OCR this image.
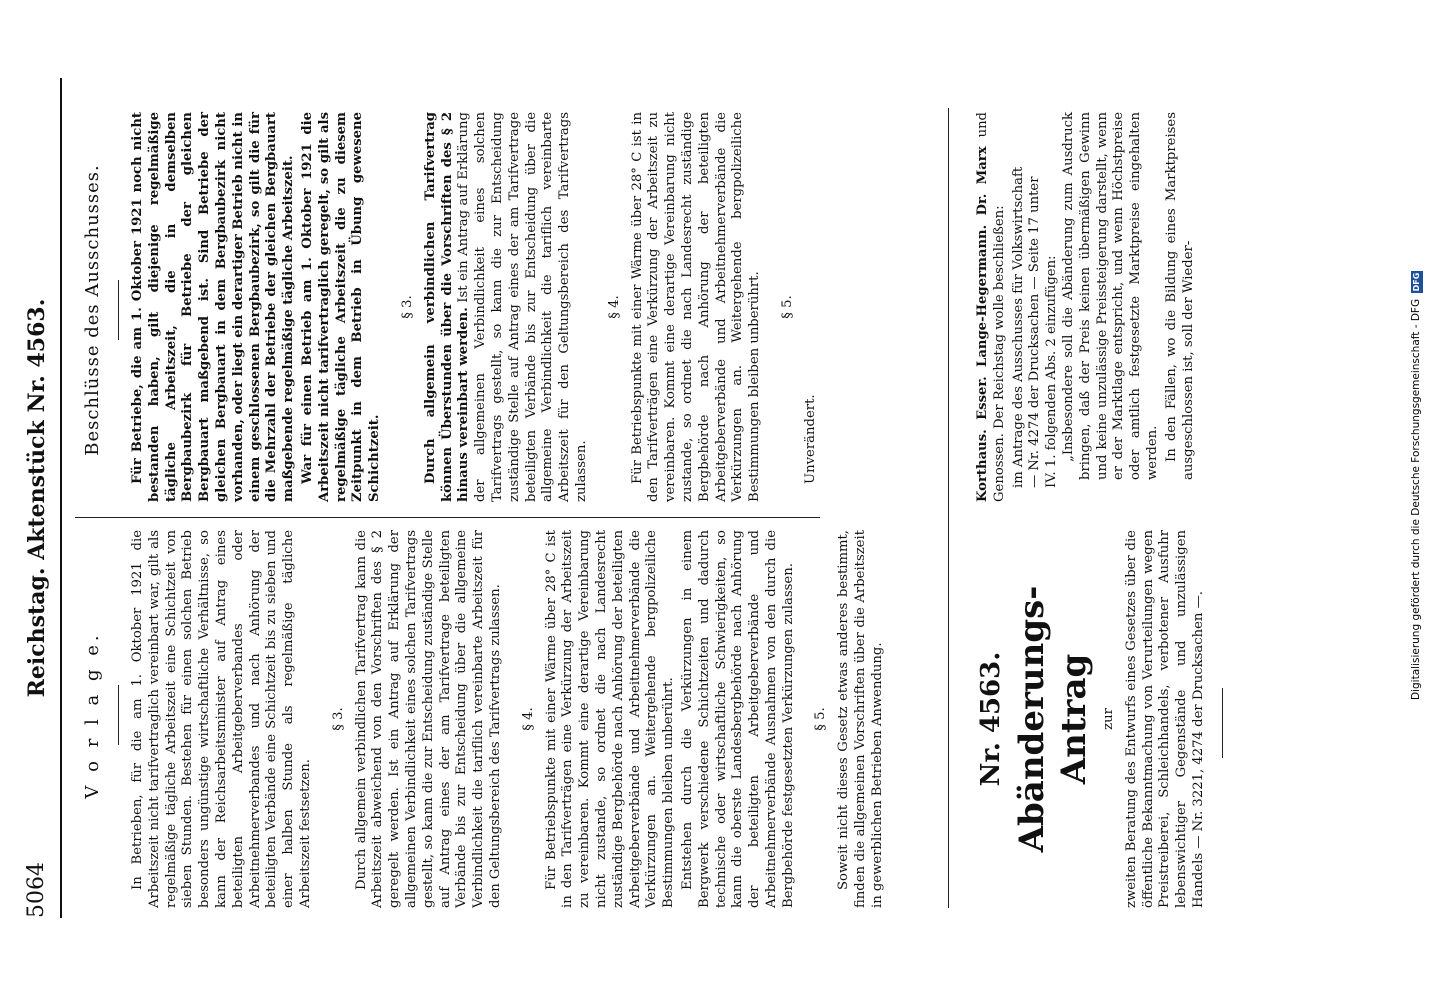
5064
Reichstag. Aktenstück Nr. 4563.
V o r l a g e. In Betrieben, für die am 1. Oktober 1921 die Arbeitszeit nicht tarifvertraglich vereinbart war, gilt als regelmäßige tägliche Arbeitszeit eine Schichtzeit von sieben Stunden. Bestehen für einen solchen Betrieb besonders ungünstige wirtschaftliche Verhältnisse, so kann der Reichsarbeitsminister auf Antrag eines beteiligten Arbeitgeberverbandes oder Arbeitnehmerverbandes und nach Anhörung der beteiligten Verbände eine Schichtzeit bis zu sieben und einer halben Stunde als regelmäßige tägliche Arbeitszeit festsetzen.

§ 3. Durch allgemein verbindlichen Tarifvertrag kann die Arbeitszeit abweichend von den Vorschriften des § 2 geregelt werden. Ist ein Antrag auf Erklärung der allgemeinen Verbindlichkeit eines solchen Tarifvertrags gestellt, so kann die zur Entscheidung zuständige Stelle auf Antrag eines der am Tarifvertrage beteiligten Verbände bis zur Entscheidung über die allgemeine Verbindlichkeit die tariflich vereinbarte Arbeitszeit für den Geltungsbereich des Tarifvertrags zulassen. § 4. Für Betriebspunkte mit einer Wärme über 28° C ist in den Tarifverträgen eine Verkürzung der Arbeitszeit zu vereinbaren. Kommt eine derartige Vereinbarung nicht zustande, so ordnet die nach Landesrecht zuständige Bergbehörde nach Anhörung der beteiligten Arbeitgeberverbände und Arbeitnehmerverbände die Verkürzungen an. Weitergehende bergpolizeiliche Bestimmungen bleiben unberührt. Entstehen durch die Verkürzungen in einem Bergwerk verschiedene Schichtzeiten und dadurch technische oder wirtschaftliche Schwierigkeiten, so kann die oberste Landesbergbehörde nach Anhörung der beteiligten Arbeitgeberverbände und Arbeitnehmerverbände Ausnahmen von den durch die Bergbehörde festgesetzten Verkürzungen zulassen. § 5. Soweit nicht dieses Gesetz etwas anderes bestimmt, finden die allgemeinen Vorschriften über die Arbeitszeit in gewerblichen Betrieben Anwendung.

Beschlüsse des Ausschusses. Für Betriebe, die am 1. Oktober 1921 noch nicht bestanden haben, gilt diejenige regelmäßige tägliche Arbeitszeit, die in demselben Bergbaubezirk für Betriebe der gleichen Bergbauart maßgebend ist. Sind Betriebe der gleichen Bergbauart in dem Bergbaubezirk nicht vorhanden, oder liegt ein derartiger Betrieb nicht in einem geschlossenen Bergbaubezirk, so gilt die für die Mehrzahl der Betriebe der gleichen Bergbauart maßgebende regelmäßige tägliche Arbeitszeit. War für einen Betrieb am 1. Oktober 1921 die Arbeitszeit nicht tarifvertraglich geregelt, so gilt als regelmäßige tägliche Arbeitszeit die zu diesem Zeitpunkt in dem Betrieb in Übung gewesene Schichtzeit.

§ 3. Durch allgemein verbindlichen Tarifvertrag können Überstunden über die Vorschriften des § 2 hinaus vereinbart werden. Ist ein Antrag auf Erklärung der allgemeinen Verbindlichkeit eines solchen Tarifvertrags gestellt, so kann die zur Entscheidung zuständige Stelle auf Antrag eines der am Tarifvertrage beteiligten Verbände bis zur Entscheidung über die allgemeine Verbindlichkeit die tariflich vereinbarte Arbeitszeit für den Geltungsbereich des Tarifvertrags zulassen.

§ 4. Für Betriebspunkte mit einer Wärme über 28° C ist in den Tarifverträgen eine Verkürzung der Arbeitszeit zu vereinbaren. Kommt eine derartige Vereinbarung nicht zustande, so ordnet die nach Landesrecht zuständige Bergbehörde nach Anhörung der beteiligten Arbeitgeberverbände und Arbeitnehmerverbände die Verkürzungen an. Weitergehende bergpolizeiliche Bestimmungen bleiben unberührt. § 5.

Unverändert.

Nr. 4563. Abänderungs-Antrag zur zweiten Beratung des Entwurfs eines Gesetzes über die öffentliche Bekanntmachung von Verurteilungen wegen Preistreiberei, Schleichhandels, verbotener Ausfuhr lebenswichtiger Gegenstände und unzulässigen Handels — Nr. 3221, 4274 der Drucksachen —.

Korthaus. Esser. Lange-Hegermann. Dr. Marx und Genossen. Der Reichstag wolle beschließen: im Antrage des Ausschusses für Volkswirtschaft — Nr. 4274 der Drucksachen — Seite 17 unter IV. 1. folgenden Abs. 2 einzufügen: „Insbesondere soll die Abänderung zum Ausdruck bringen, daß der Preis keinen übermäßigen Gewinn und keine unzulässige Preissteigerung darstellt, wenn er der Marktlage entspricht, und wenn Höchstpreise oder amtlich festgesetzte Marktpreise eingehalten werden. In den Fällen, wo die Bildung eines Marktpreises ausgeschlossen ist, soll der Wieder-	Digitalisierung gefördert durch die Deutsche Forschungsgemeinschaft - DFG
DFG
